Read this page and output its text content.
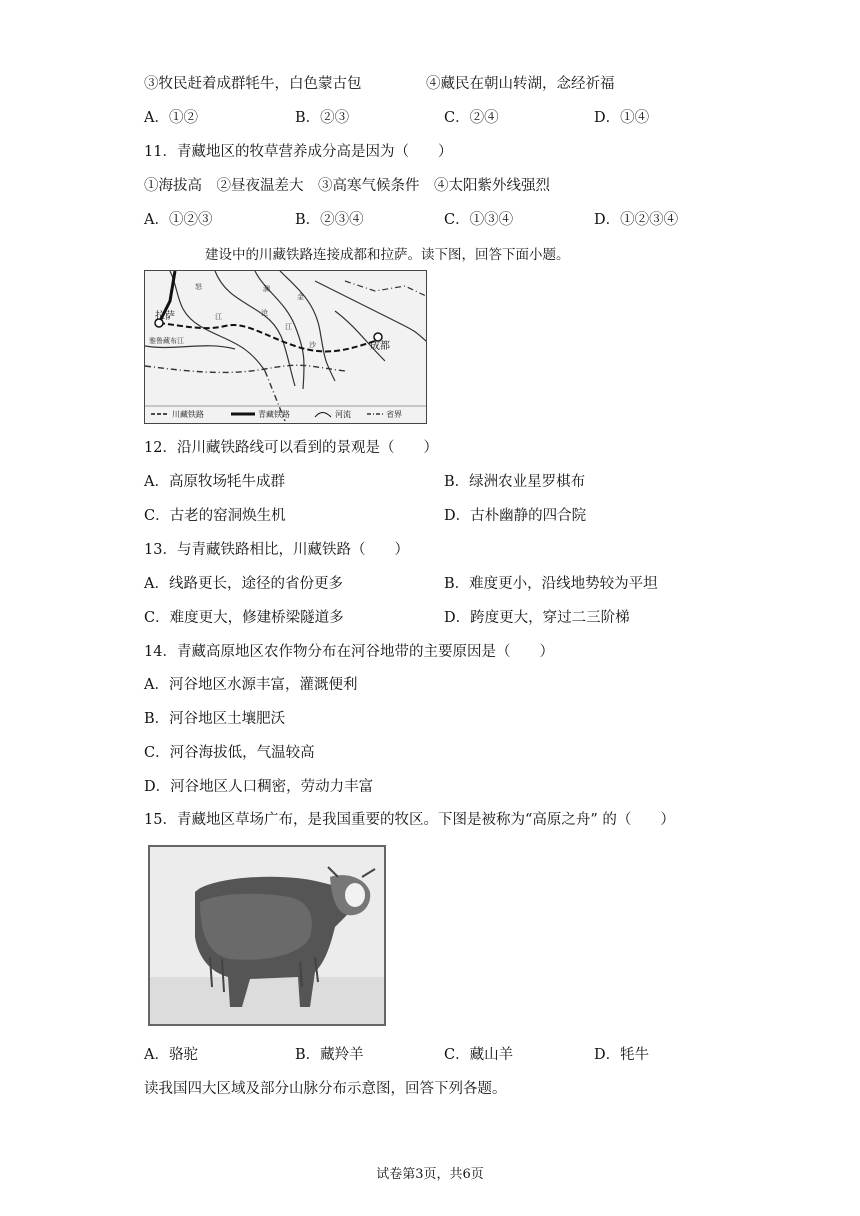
③牧民赶着成群牦牛，白色蒙古包	④藏民在朝山转湖，念经祈福
A．①②	B．②③	C．②④	D．①④
11．青藏地区的牧草营养成分高是因为（　　）
①海拔高　②昼夜温差大　③高寒气候条件　④太阳紫外线强烈
A．①②③	B．②③④	C．①③④	D．①②③④
建设中的川藏铁路连接成都和拉萨。读下图，回答下面小题。
拉萨
成都
雅鲁藏布江
怒
江
澜
沧
江
金
沙
川藏铁路	青藏铁路	河流	省界
12．沿川藏铁路线可以看到的景观是（　　）
A．高原牧场牦牛成群	B．绿洲农业星罗棋布
C．古老的窑洞焕生机	D．古朴幽静的四合院
13．与青藏铁路相比，川藏铁路（　　）
A．线路更长，途径的省份更多	B．难度更小，沿线地势较为平坦
C．难度更大，修建桥梁隧道多	D．跨度更大，穿过二三阶梯
14．青藏高原地区农作物分布在河谷地带的主要原因是（　　）
A．河谷地区水源丰富，灌溉便利
B．河谷地区土壤肥沃
C．河谷海拔低，气温较高
D．河谷地区人口稠密，劳动力丰富
15．青藏地区草场广布，是我国重要的牧区。下图是被称为“高原之舟” 的（　　）
A．骆驼	B．藏羚羊	C．藏山羊	D．牦牛
读我国四大区域及部分山脉分布示意图，回答下列各题。
试卷第3页，共6页
